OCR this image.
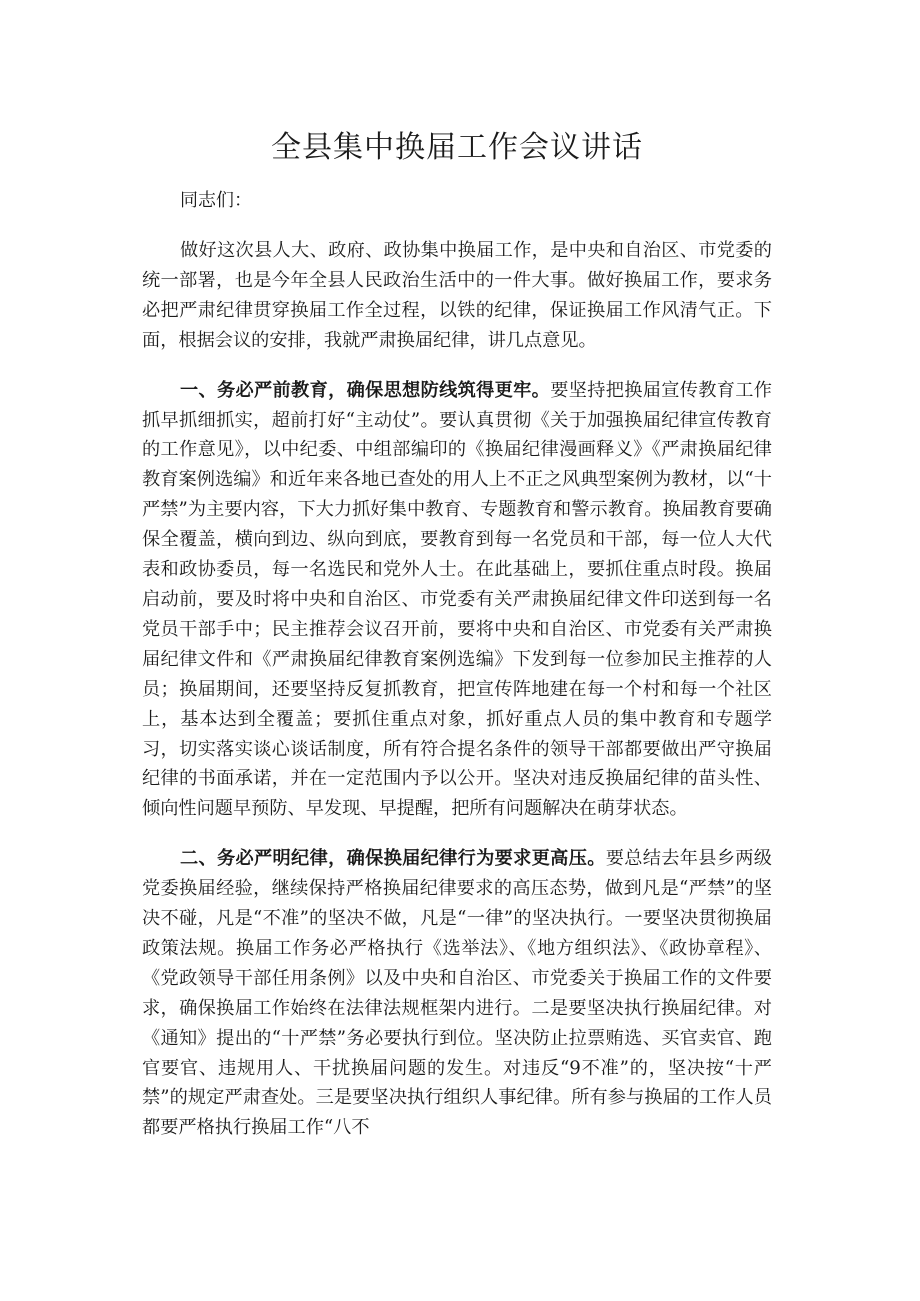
全县集中换届工作会议讲话

同志们：

做好这次县人大、政府、政协集中换届工作，是中央和自治区、市党委的统一部署，也是今年全县人民政治生活中的一件大事。做好换届工作，要求务必把严肃纪律贯穿换届工作全过程，以铁的纪律，保证换届工作风清气正。下面，根据会议的安排，我就严肃换届纪律，讲几点意见。

一、务必严前教育，确保思想防线筑得更牢。要坚持把换届宣传教育工作抓早抓细抓实，超前打好“主动仗”。要认真贯彻《关于加强换届纪律宣传教育的工作意见》，以中纪委、中组部编印的《换届纪律漫画释义》《严肃换届纪律教育案例选编》和近年来各地已查处的用人上不正之风典型案例为教材，以“十严禁”为主要内容，下大力抓好集中教育、专题教育和警示教育。换届教育要确保全覆盖，横向到边、纵向到底，要教育到每一名党员和干部，每一位人大代表和政协委员，每一名选民和党外人士。在此基础上，要抓住重点时段。换届启动前，要及时将中央和自治区、市党委有关严肃换届纪律文件印送到每一名党员干部手中；民主推荐会议召开前，要将中央和自治区、市党委有关严肃换届纪律文件和《严肃换届纪律教育案例选编》下发到每一位参加民主推荐的人员；换届期间，还要坚持反复抓教育，把宣传阵地建在每一个村和每一个社区上，基本达到全覆盖；要抓住重点对象，抓好重点人员的集中教育和专题学习，切实落实谈心谈话制度，所有符合提名条件的领导干部都要做出严守换届纪律的书面承诺，并在一定范围内予以公开。坚决对违反换届纪律的苗头性、倾向性问题早预防、早发现、早提醒，把所有问题解决在萌芽状态。

二、务必严明纪律，确保换届纪律行为要求更高压。要总结去年县乡两级党委换届经验，继续保持严格换届纪律要求的高压态势，做到凡是“严禁”的坚决不碰，凡是“不准”的坚决不做，凡是“一律”的坚决执行。一要坚决贯彻换届政策法规。换届工作务必严格执行《选举法》、《地方组织法》、《政协章程》、《党政领导干部任用条例》以及中央和自治区、市党委关于换届工作的文件要求，确保换届工作始终在法律法规框架内进行。二是要坚决执行换届纪律。对《通知》提出的“十严禁”务必要执行到位。坚决防止拉票贿选、买官卖官、跑官要官、违规用人、干扰换届问题的发生。对违反“9不准”的，坚决按“十严禁”的规定严肃查处。三是要坚决执行组织人事纪律。所有参与换届的工作人员都要严格执行换届工作“八不
